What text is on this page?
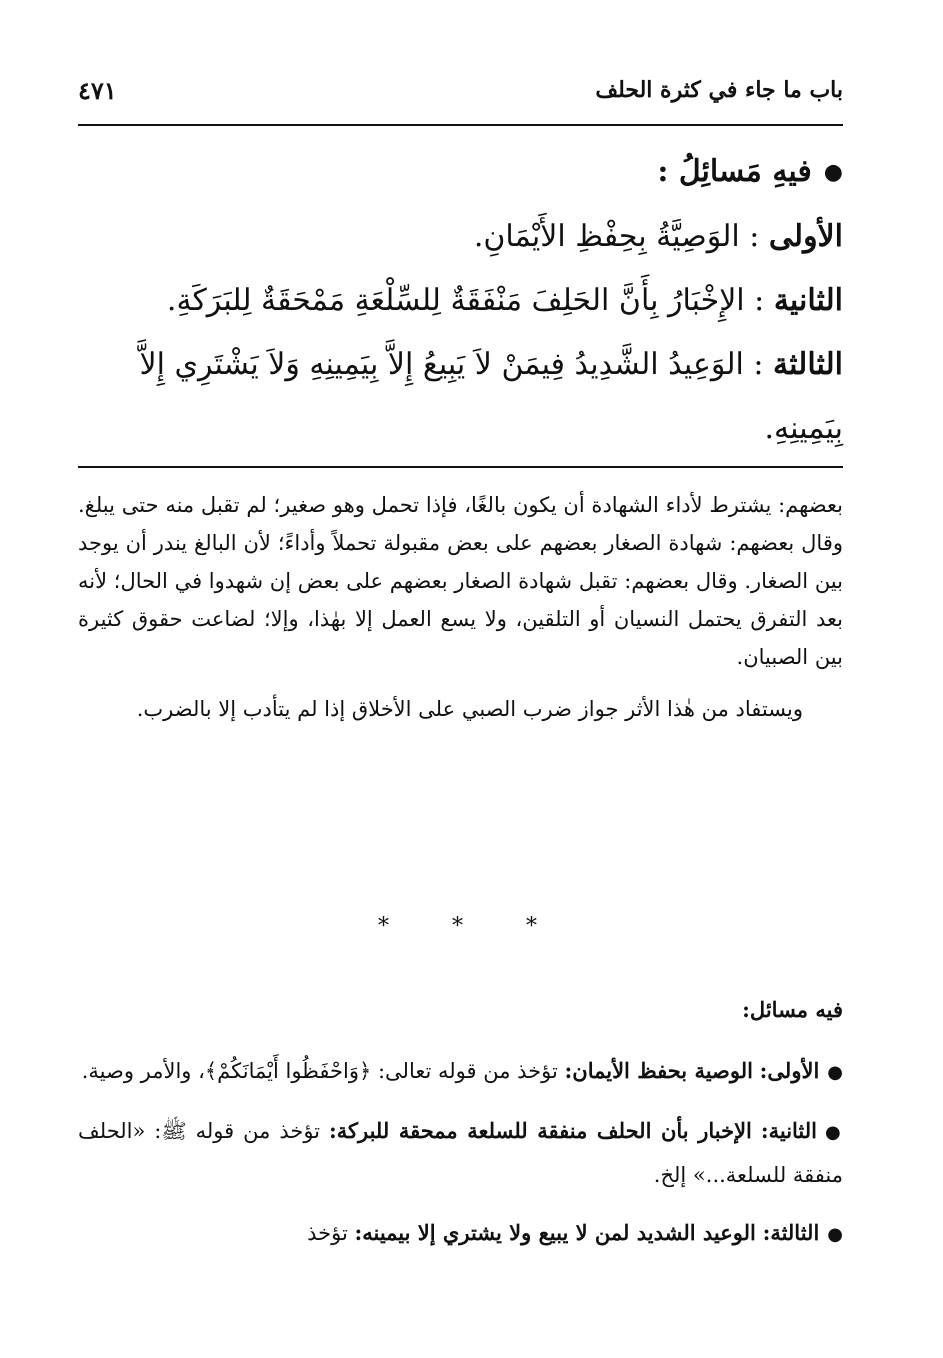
باب ما جاء في كثرة الحلف
٤٧١

●فيهِ مَسائِلُ :

الأولى : الوَصِيَّةُ بِحِفْظِ الأَيْمَانِ.

الثانية : الإِخْبَارُ بِأَنَّ الحَلِفَ مَنْفَقَةٌ لِلسِّلْعَةِ مَمْحَقَةٌ لِلبَرَكَةِ.

الثالثة : الوَعِيدُ الشَّدِيدُ فِيمَنْ لاَ يَبِيعُ إِلاَّ بِيَمِينِهِ وَلاَ يَشْتَرِي إِلاَّ

بِيَمِينِهِ.

بعضهم: يشترط لأداء الشهادة أن يكون بالغًا، فإذا تحمل وهو صغير؛ لم تقبل منه حتى يبلغ. وقال بعضهم: شهادة الصغار بعضهم على بعض مقبولة تحملاً وأداءً؛ لأن البالغ يندر أن يوجد بين الصغار. وقال بعضهم: تقبل شهادة الصغار بعضهم على بعض إن شهدوا في الحال؛ لأنه بعد التفرق يحتمل النسيان أو التلقين، ولا يسع العمل إلا بهٰذا، وإلا؛ لضاعت حقوق كثيرة بين الصبيان.

ويستفاد من هٰذا الأثر جواز ضرب الصبي على الأخلاق إذا لم يتأدب إلا بالضرب.

* * *

فيه مسائل:

●الأولى: الوصية بحفظ الأيمان: تؤخذ من قوله تعالى: ﴿وَاحْفَظُوا أَيْمَانَكُمْ﴾، والأمر وصية.

●الثانية: الإخبار بأن الحلف منفقة للسلعة ممحقة للبركة: تؤخذ من قوله ﷺ: «الحلف منفقة للسلعة...» إلخ.

●الثالثة: الوعيد الشديد لمن لا يبيع ولا يشتري إلا بيمينه: تؤخذ
